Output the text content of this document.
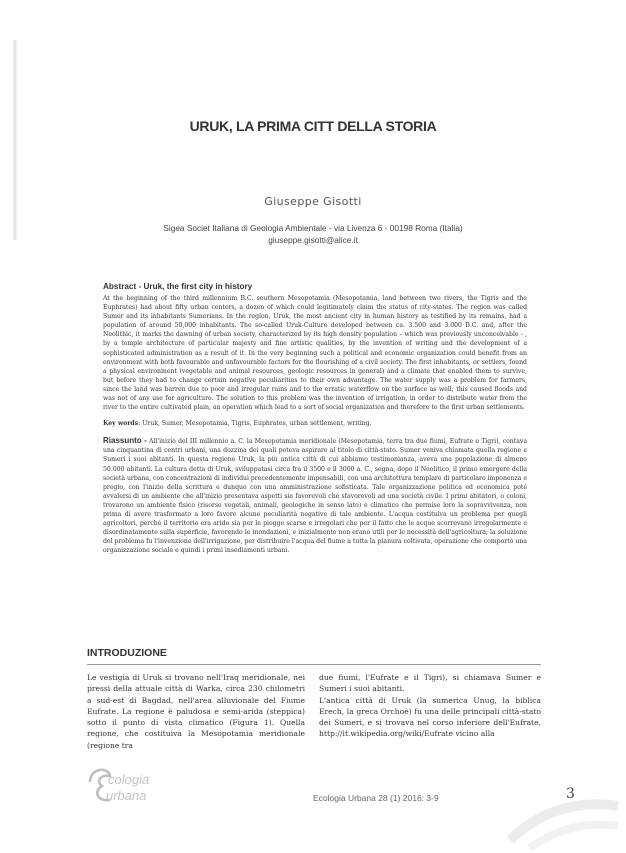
URUK, LA PRIMA CITT DELLA STORIA
Giuseppe Gisotti
Sigea Societ Italiana di Geologia Ambientale - via Livenza 6 - 00198 Roma (Italia)
giuseppe.gisotti@alice.it
Abstract - Uruk, the first city in history

At the beginning of the third millennium B.C. southern Mesopotamia (Mesopotamia, land between two rivers, the Tigris and the Euphrates) had about fifty urban centers, a dozen of which could legitimately claim the status of city-states. The region was called Sumer and its inhabitants Sumerians. In the region, Uruk, the most ancient city in human history as testified by its remains, had a population of around 50,000 inhabitants. The so-called Uruk-Culture developed between ca. 3.500 and 3.000 B.C. and, after the Neolithic, it marks the dawning of urban society, characterized by its high density population – which was previously unconceivable - , by a temple architecture of particular majesty and fine artistic qualities, by the invention of writing and the development of a sophisticated administration as a result of it. In the very beginning such a political and economic organization could benefit from an environment with both favourable and unfavourable factors for the flourishing of a civil society. The first inhabitants, or settlers, found a physical environment (vegetable and animal resources, geologic resources in general) and a climate that enabled them to survive, but before they had to change certain negative peculiarities to their own advantage. The water supply was a problem for farmers, since the land was barren due to poor and irregular rains and to the erratic waterflow on the surface as well; this caused floods and was not of any use for agriculture. The solution to this problem was the invention of irrigation, in order to distribute water from the river to the entire cultivated plain, an operation which lead to a sort of social organization and therefore to the first urban settlements.

Key words: Uruk, Sumer, Mesopotamia, Tigris, Euphrates, urban settlement, writing.
Riassunto - All'inizio del III millennio a. C. la Mesopotamia meridionale (Mesopotamia, terra tra due fiumi, Eufrate e Tigri), contava una cinquantina di centri urbani, una dozzina dei quali poteva aspirare al titolo di città-stato. Sumer veniva chiamata quella regione e Sumeri i suoi abitanti. In questa regione Uruk, la più antica città di cui abbiamo testimonianza, aveva una popolazione di almeno 50.000 abitanti. La cultura detta di Uruk, sviluppatasi circa fra il 3500 e il 3000 a. C., segna, dopo il Neolitico, il primo emergere della società urbana, con concentrazioni di individui precedentemente impensabili, con una architettura templare di particolare imponenza e pregio, con l'inizio della scrittura e dunque con una amministrazione sofisticata. Tale organizzazione politica ed economica poté avvalersi di un ambiente che all'inizio presentava aspetti sia favorevoli che sfavorevoli ad una società civile. I primi abitatori, o coloni, trovarono un ambiente fisico (risorse vegetali, animali, geologiche in senso lato) e climatico che permise loro la sopravvivenza, non prima di avere trasformato a loro favore alcune peculiarità negative di tale ambiente. L'acqua costituiva un problema per quegli agricoltori, perché il territorio era arido sia per le piogge scarse e irregolari che per il fatto che le acque scorrevano irregolarmente e disordinatamente sulla superficie, favorendo le inondazioni, e inizialmente non erano utili per le necessità dell'agricoltura; la soluzione del problema fu l'invenzione dell'irrigazione, per distribuire l'acqua del fiume a tutta la pianura coltivata, operazione che comportò una organizzazione sociale e quindi i primi insediamenti urbani.
INTRODUZIONE

Le vestigia di Uruk si trovano nell'Iraq meridionale, nei pressi della attuale città di Warka, circa 230 chilometri a sud-est di Bagdad, nell'area alluvionale del Fiume Eufrate. La regione è paludosa e semi-arida (steppica) sotto il punto di vista climatico (Figura 1). Quella regione, che costituiva la Mesopotamia meridionale (regione tra

due fiumi, l'Eufrate e il Tigri), si chiamava Sumer e Sumeri i suoi abitanti.

L'antica città di Uruk (la sumerica Unug, la biblica Erech, la greca Orchoè) fu una delle principali città-stato dei Sumeri, e si trovava nel corso inferiore dell'Eufrate, http://it.wikipedia.org/wiki/Eufrate vicino alla

cologia
urbana	Ecologia Urbana 28 (1) 2016: 3-9	3
